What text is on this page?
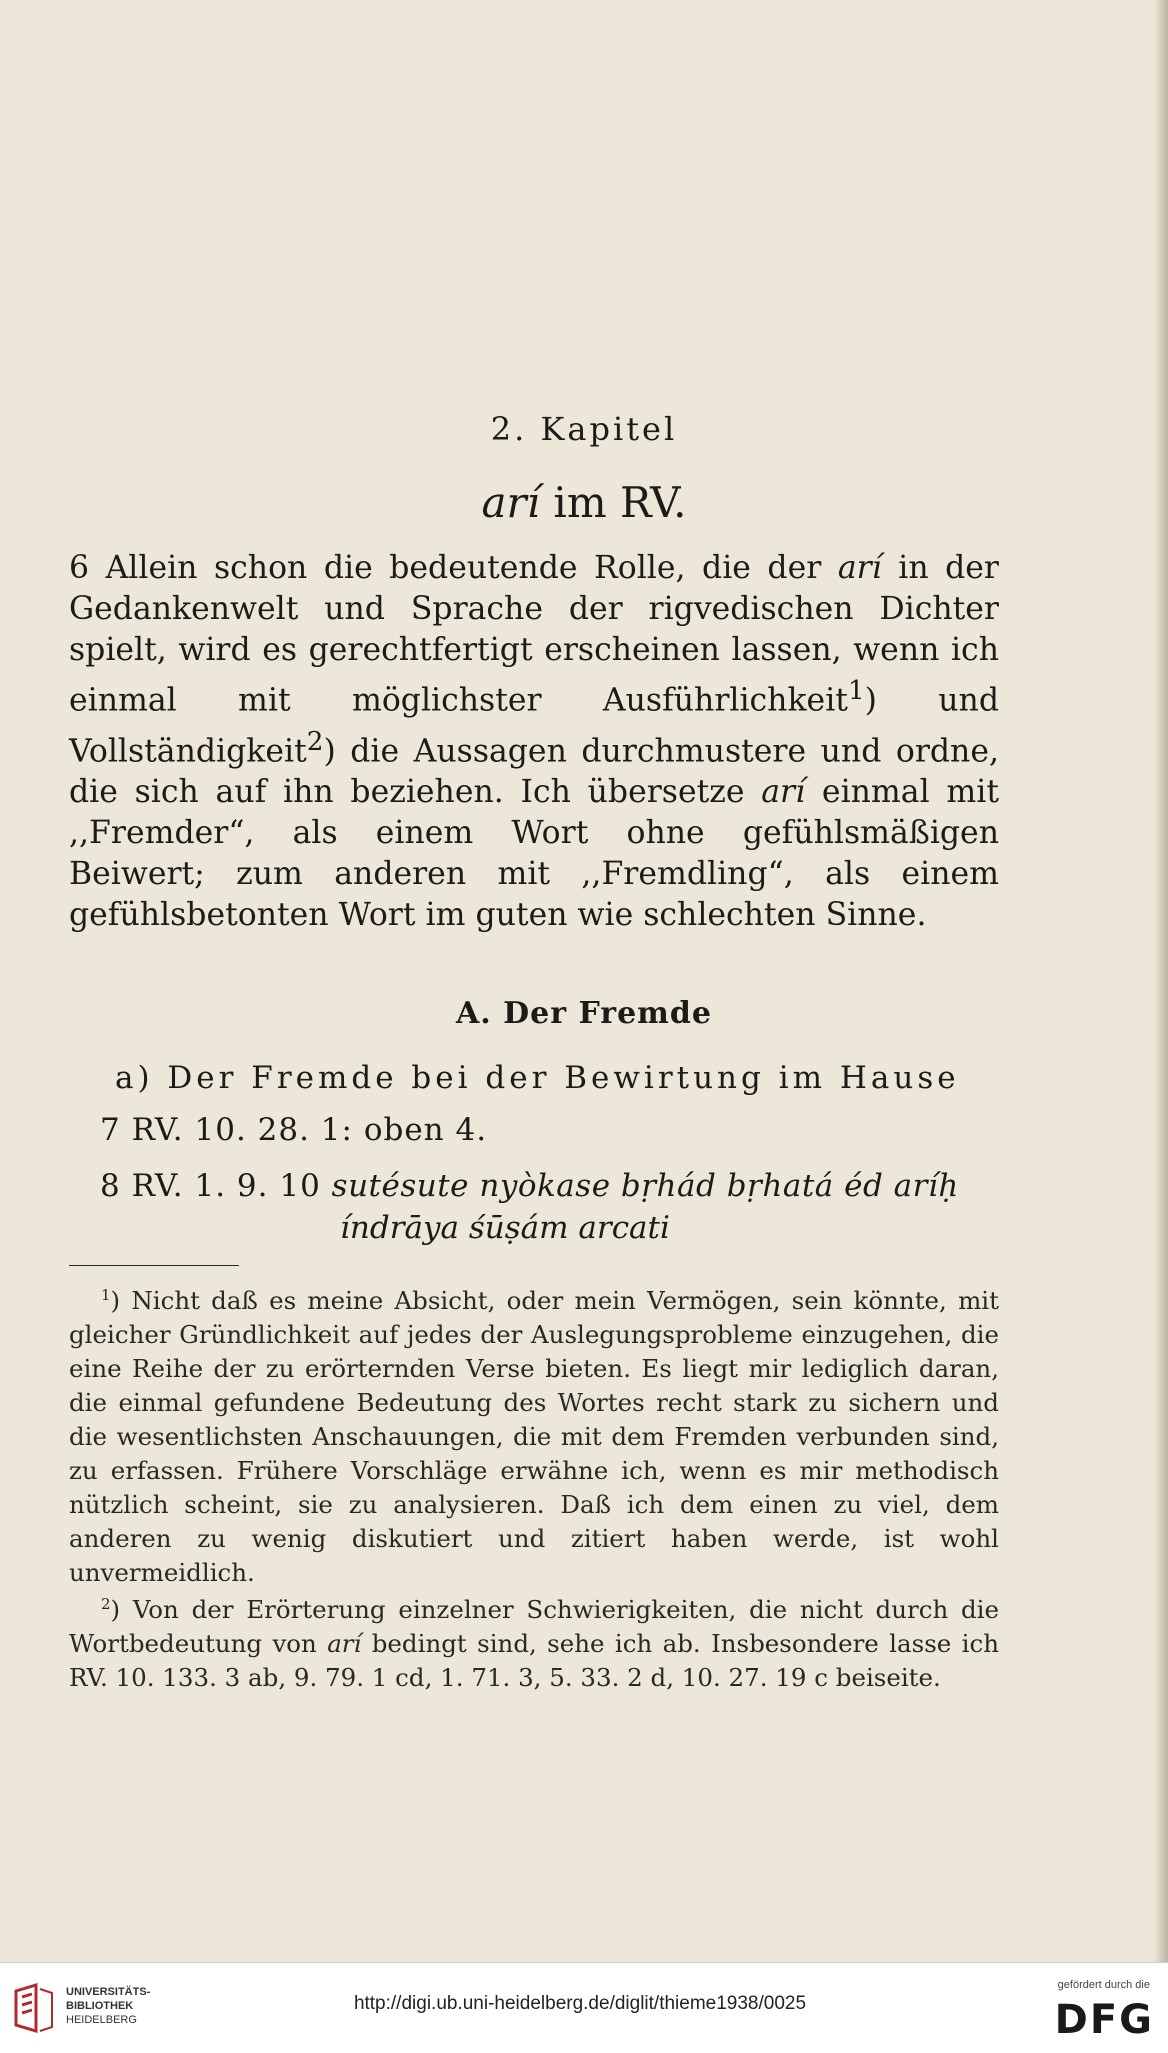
2. Kapitel
arí im RV.

6 Allein schon die bedeutende Rolle, die der arí in der Gedankenwelt und Sprache der rigvedischen Dichter spielt, wird es gerechtfertigt erscheinen lassen, wenn ich einmal mit möglichster Ausführlichkeit$^1$) und Vollständigkeit$^2$) die Aussagen durchmustere und ordne, die sich auf ihn beziehen. Ich übersetze arí einmal mit ,,Fremder“, als einem Wort ohne gefühlsmäßigen Beiwert; zum anderen mit ,,Fremdling“, als einem gefühlsbetonten Wort im guten wie schlechten Sinne.

A. Der Fremde
a) Der Fremde bei der Bewirtung im Hause
7 RV. 10. 28. 1: oben 4.
8 RV. 1. 9. 10 sutésute nyòkase bṛhád bṛhatá éd aríḥ
índrāya śūṣám arcati

$^1$) Nicht daß es meine Absicht, oder mein Vermögen, sein könnte, mit gleicher Gründlichkeit auf jedes der Auslegungsprobleme einzugehen, die eine Reihe der zu erörternden Verse bieten. Es liegt mir lediglich daran, die einmal gefundene Bedeutung des Wortes recht stark zu sichern und die wesentlichsten Anschauungen, die mit dem Fremden verbunden sind, zu erfassen. Frühere Vorschläge erwähne ich, wenn es mir methodisch nützlich scheint, sie zu analysieren. Daß ich dem einen zu viel, dem anderen zu wenig diskutiert und zitiert haben werde, ist wohl unvermeidlich.

$^2$) Von der Erörterung einzelner Schwierigkeiten, die nicht durch die Wortbedeutung von arí bedingt sind, sehe ich ab. Insbesondere lasse ich RV. 10. 133. 3 ab, 9. 79. 1 cd, 1. 71. 3, 5. 33. 2 d, 10. 27. 19 c beiseite.

UNIVERSITÄTS-
BIBLIOTHEK
HEIDELBERG
http://digi.ub.uni-heidelberg.de/diglit/thieme1938/0025
gefördert durch die
DFG
